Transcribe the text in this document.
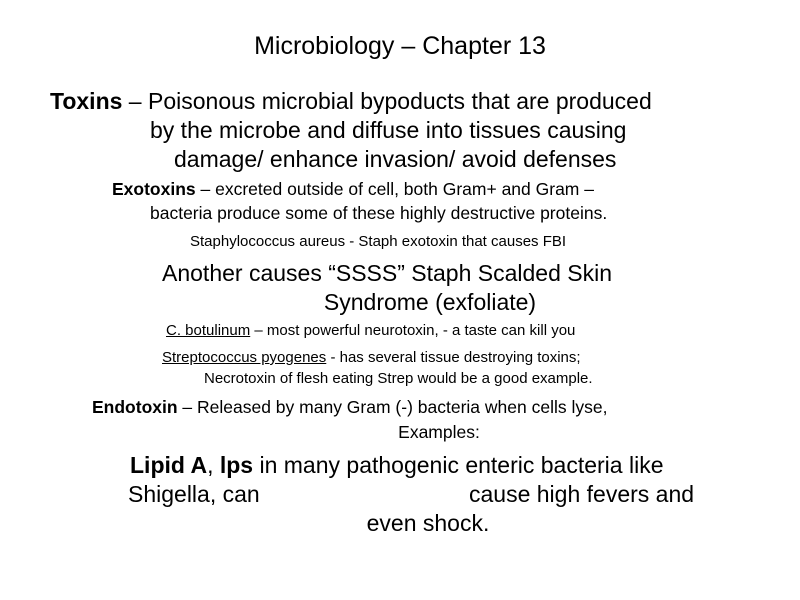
Microbiology – Chapter 13

Toxins – Poisonous microbial bypoducts that are produced

by the microbe and diffuse into tissues causing

damage/ enhance invasion/ avoid defenses

Exotoxins – excreted outside of cell, both Gram+ and Gram –

bacteria produce some of these highly destructive proteins.

Staphylococcus aureus - Staph exotoxin that causes FBI

Another causes “SSSS” Staph Scalded Skin

Syndrome (exfoliate)

C. botulinum – most powerful neurotoxin, - a taste can kill you

Streptococcus pyogenes - has several tissue destroying toxins;

Necrotoxin of flesh eating Strep would be a good example.

Endotoxin – Released by many Gram (-) bacteria when cells lyse,

Examples:

Lipid A, lps in many pathogenic enteric bacteria like

Shigella, can	cause high fevers and

even shock.
